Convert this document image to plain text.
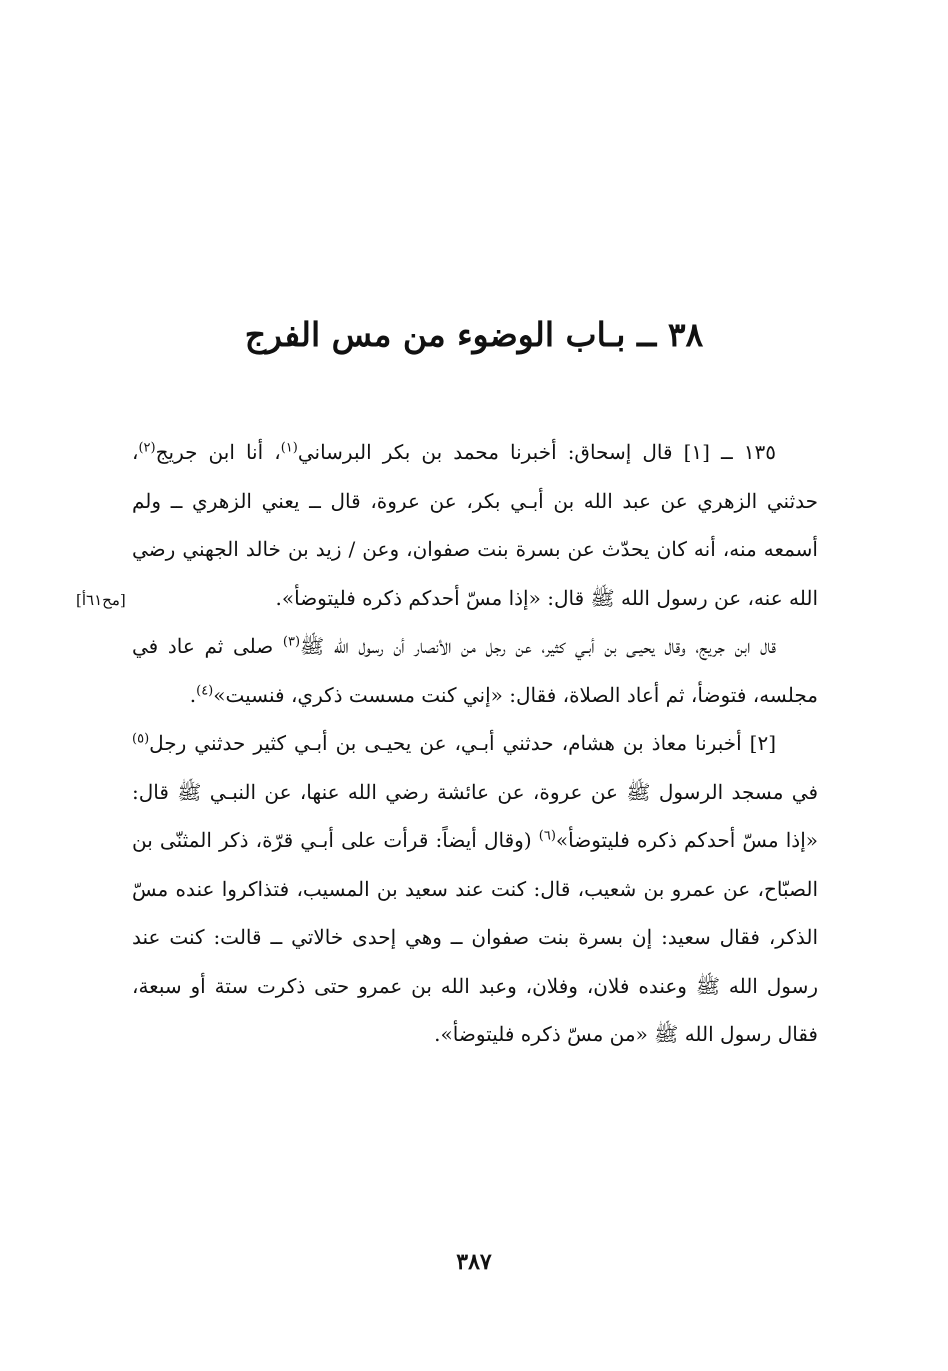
٣٨ ــ بـاب الوضوء من مس الفرج

١٣٥ ــ [١] قال إسحاق: أخبرنا محمد بن بكر البرساني$^{(١)}$، أنا ابن جريج$^{(٢)}$، حدثني الزهري عن عبد الله بن أبـي بكر، عن عروة، قال ــ يعني الزهري ــ ولم أسمعه منه، أنه كان يحدّث عن بسرة بنت صفوان، وعن / زيد بن خالد الجهني رضي الله عنه، عن رسول الله ﷺ قال: «إذا مسّ أحدكم ذكره فليتوضأ».

قال ابن جريج، وقال يحيـى بن أبـي كثير، عن رجل من الأنصار أن رسول الله ﷺ$^{(٣)}$ صلى ثم عاد في مجلسه، فتوضأ، ثم أعاد الصلاة، فقال: «إني كنت مسست ذكري، فنسيت»$^{(٤)}$.

[٢] أخبرنا معاذ بن هشام، حدثني أبـي، عن يحيـى بن أبـي كثير حدثني رجل$^{(٥)}$ في مسجد الرسول ﷺ عن عروة، عن عائشة رضي الله عنها، عن النبـي ﷺ قال: «إذا مسّ أحدكم ذكره فليتوضأ»$^{(٦)}$ (وقال أيضاً: قرأت على أبـي قرّة، ذكر المثنّى بن الصبّاح، عن عمرو بن شعيب، قال: كنت عند سعيد بن المسيب، فتذاكروا عنده مسّ الذكر، فقال سعيد: إن بسرة بنت صفوان ــ وهي إحدى خالاتي ــ قالت: كنت عند رسول الله ﷺ وعنده فلان، وفلان، وعبد الله بن عمرو حتى ذكرت ستة أو سبعة، فقال رسول الله ﷺ «من مسّ ذكره فليتوضأ».

[مح٦١أ]
٣٨٧
